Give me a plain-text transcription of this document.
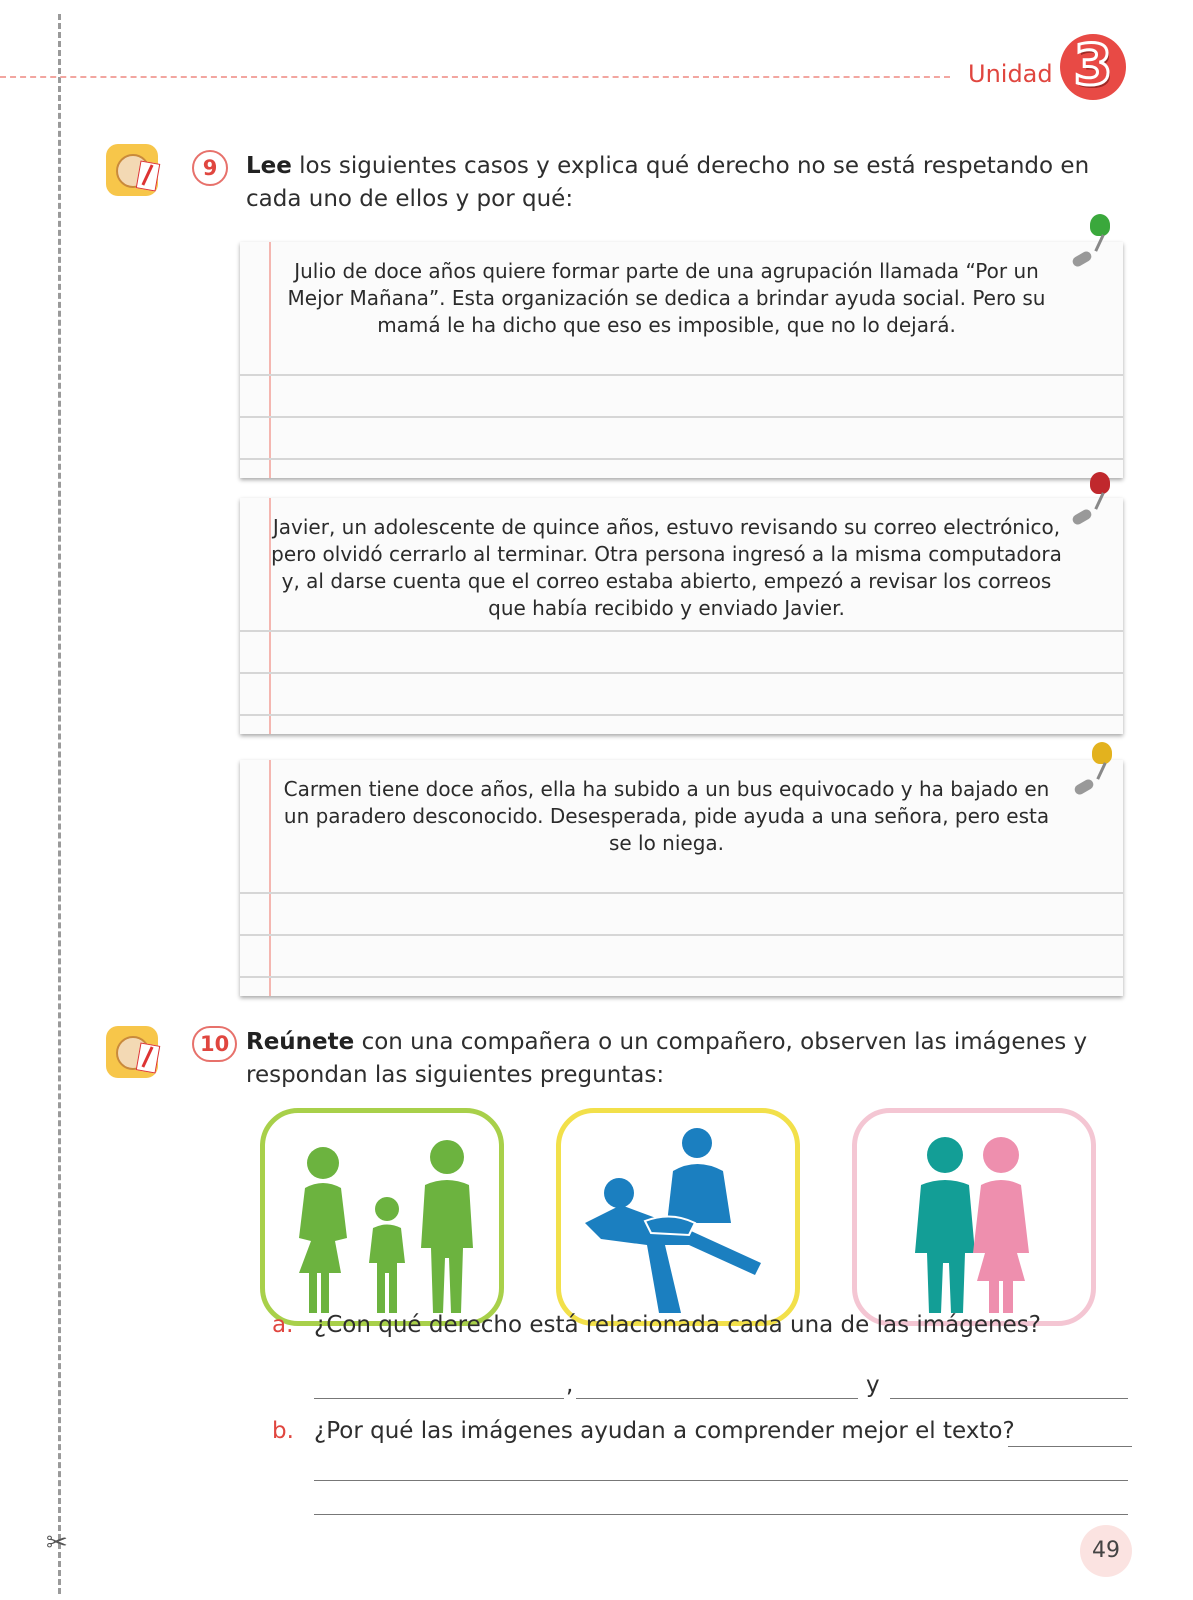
✂
Unidad 3
9	Lee los siguientes casos y explica qué derecho no se está respetando en cada uno de ellos y por qué:
Julio de doce años quiere formar parte de una agrupación llamada “Por un Mejor Mañana”. Esta organización se dedica a brindar ayuda social. Pero su mamá le ha dicho que eso es imposible, que no lo dejará.
Javier, un adolescente de quince años, estuvo revisando su correo electrónico, pero olvidó cerrarlo al terminar. Otra persona ingresó a la misma computadora y, al darse cuenta que el correo estaba abierto, empezó a revisar los correos que había recibido y enviado Javier.
Carmen tiene doce años, ella ha subido a un bus equivocado y ha bajado en un paradero desconocido. Desesperada, pide ayuda a una señora, pero esta se lo niega.
10 Reúnete con una compañera o un compañero, observen las imágenes y respondan las siguientes preguntas:
a. ¿Con qué derecho está relacionada cada una de las imágenes?
,	y
b. ¿Por qué las imágenes ayudan a comprender mejor el texto?
49
